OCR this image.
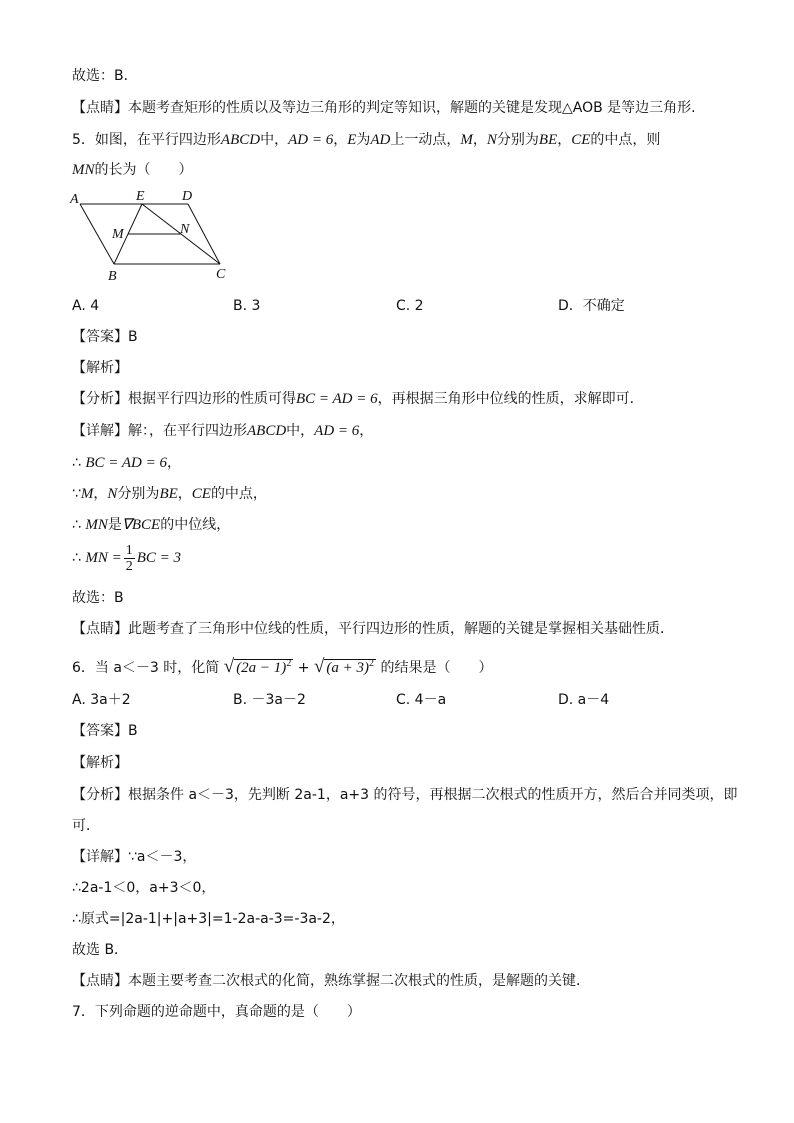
故选：B．
【点睛】本题考查矩形的性质以及等边三角形的判定等知识，解题的关键是发现△AOB 是等边三角形.
5．如图，在平行四边形ABCD中，AD = 6，E为AD上一动点，M，N分别为BE，CE的中点，则
MN的长为（　　）
A	E	D
M	N
B	C
A. 4	B. 3	C. 2	D．不确定
【答案】B
【解析】
【分析】根据平行四边形的性质可得BC = AD = 6，再根据三角形中位线的性质，求解即可．
【详解】解：，在平行四边形ABCD中，AD = 6，
∴ BC = AD = 6，
∵M，N分别为BE，CE的中点，
∴ MN是∇BCE的中位线，
∴ MN = $\frac{1}{2}$ BC = 3
故选：B
【点睛】此题考查了三角形中位线的性质，平行四边形的性质，解题的关键是掌握相关基础性质．
6．当 a＜－3 时，化简 √ $(2a - 1)^2$ + √ $(a + 3)^2$ 的结果是（　　）
A. 3a＋2	B. －3a－2	C. 4－a	D. a－4
【答案】B
【解析】
【分析】根据条件 a＜－3，先判断 2a-1，a+3 的符号，再根据二次根式的性质开方，然后合并同类项，即
可．
【详解】∵a＜－3，
∴2a-1＜0，a+3＜0，
∴原式=|2a-1|+|a+3|=1-2a-a-3=-3a-2，
故选 B．
【点睛】本题主要考查二次根式的化简，熟练掌握二次根式的性质，是解题的关键．
7．下列命题的逆命题中，真命题的是（　　）
